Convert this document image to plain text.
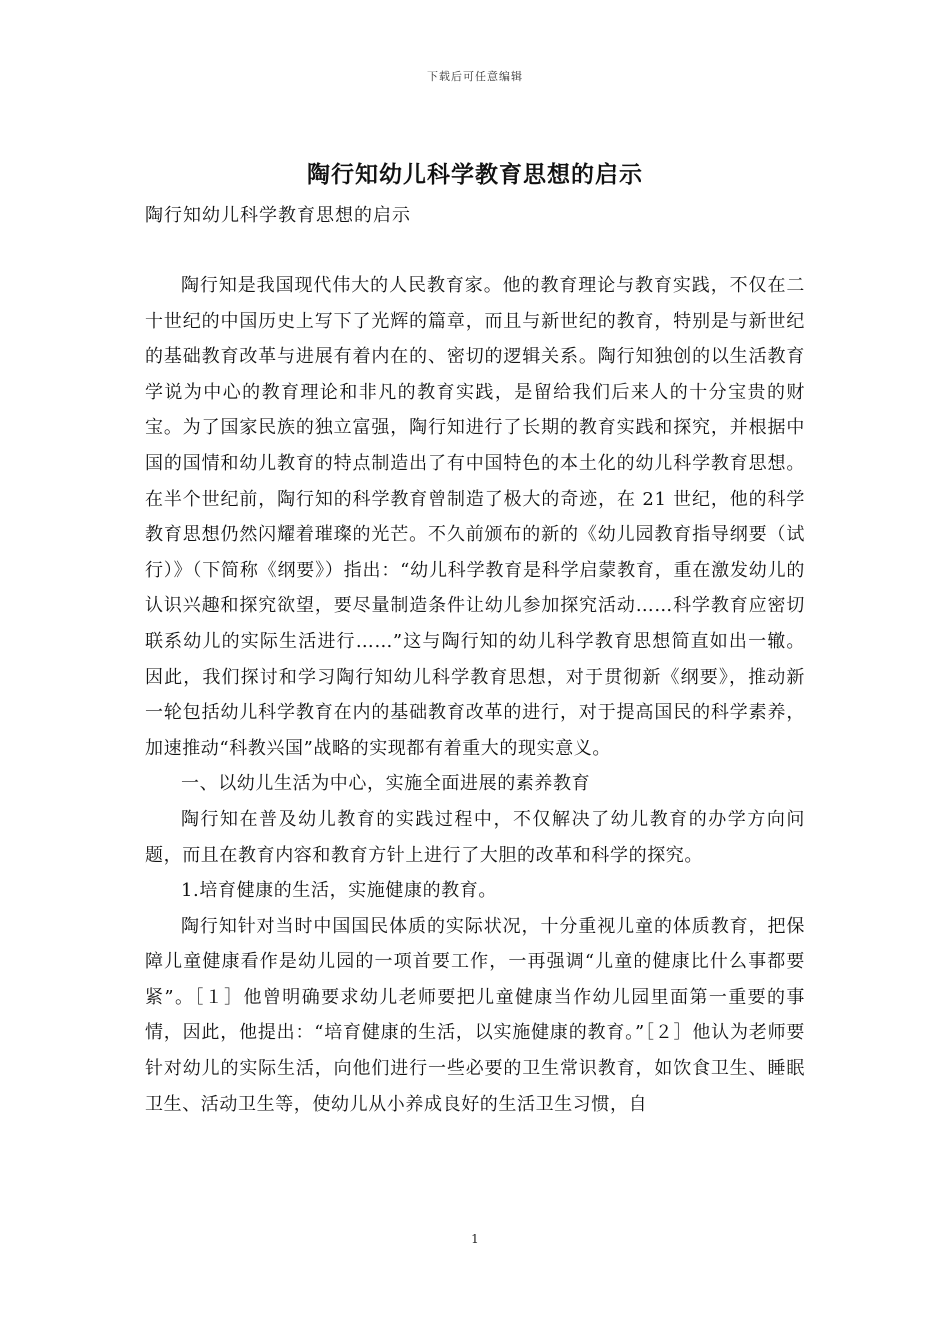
下载后可任意编辑
陶行知幼儿科学教育思想的启示
陶行知幼儿科学教育思想的启示

陶行知是我国现代伟大的人民教育家。他的教育理论与教育实践，不仅在二十世纪的中国历史上写下了光辉的篇章，而且与新世纪的教育，特别是与新世纪的基础教育改革与进展有着内在的、密切的逻辑关系。陶行知独创的以生活教育学说为中心的教育理论和非凡的教育实践，是留给我们后来人的十分宝贵的财宝。为了国家民族的独立富强，陶行知进行了长期的教育实践和探究，并根据中国的国情和幼儿教育的特点制造出了有中国特色的本土化的幼儿科学教育思想。在半个世纪前，陶行知的科学教育曾制造了极大的奇迹，在 21 世纪，他的科学教育思想仍然闪耀着璀璨的光芒。不久前颁布的新的《幼儿园教育指导纲要（试行）》（下简称《纲要》）指出：“幼儿科学教育是科学启蒙教育，重在激发幼儿的认识兴趣和探究欲望，要尽量制造条件让幼儿参加探究活动……科学教育应密切联系幼儿的实际生活进行……”这与陶行知的幼儿科学教育思想简直如出一辙。因此，我们探讨和学习陶行知幼儿科学教育思想，对于贯彻新《纲要》，推动新一轮包括幼儿科学教育在内的基础教育改革的进行，对于提高国民的科学素养，加速推动“科教兴国”战略的实现都有着重大的现实意义。

一、以幼儿生活为中心，实施全面进展的素养教育

陶行知在普及幼儿教育的实践过程中，不仅解决了幼儿教育的办学方向问题，而且在教育内容和教育方针上进行了大胆的改革和科学的探究。

1.培育健康的生活，实施健康的教育。

陶行知针对当时中国国民体质的实际状况，十分重视儿童的体质教育，把保障儿童健康看作是幼儿园的一项首要工作，一再强调“儿童的健康比什么事都要紧”。［１］他曾明确要求幼儿老师要把儿童健康当作幼儿园里面第一重要的事情，因此，他提出：“培育健康的生活，以实施健康的教育。”［２］他认为老师要针对幼儿的实际生活，向他们进行一些必要的卫生常识教育，如饮食卫生、睡眠卫生、活动卫生等，使幼儿从小养成良好的生活卫生习惯，自

1
